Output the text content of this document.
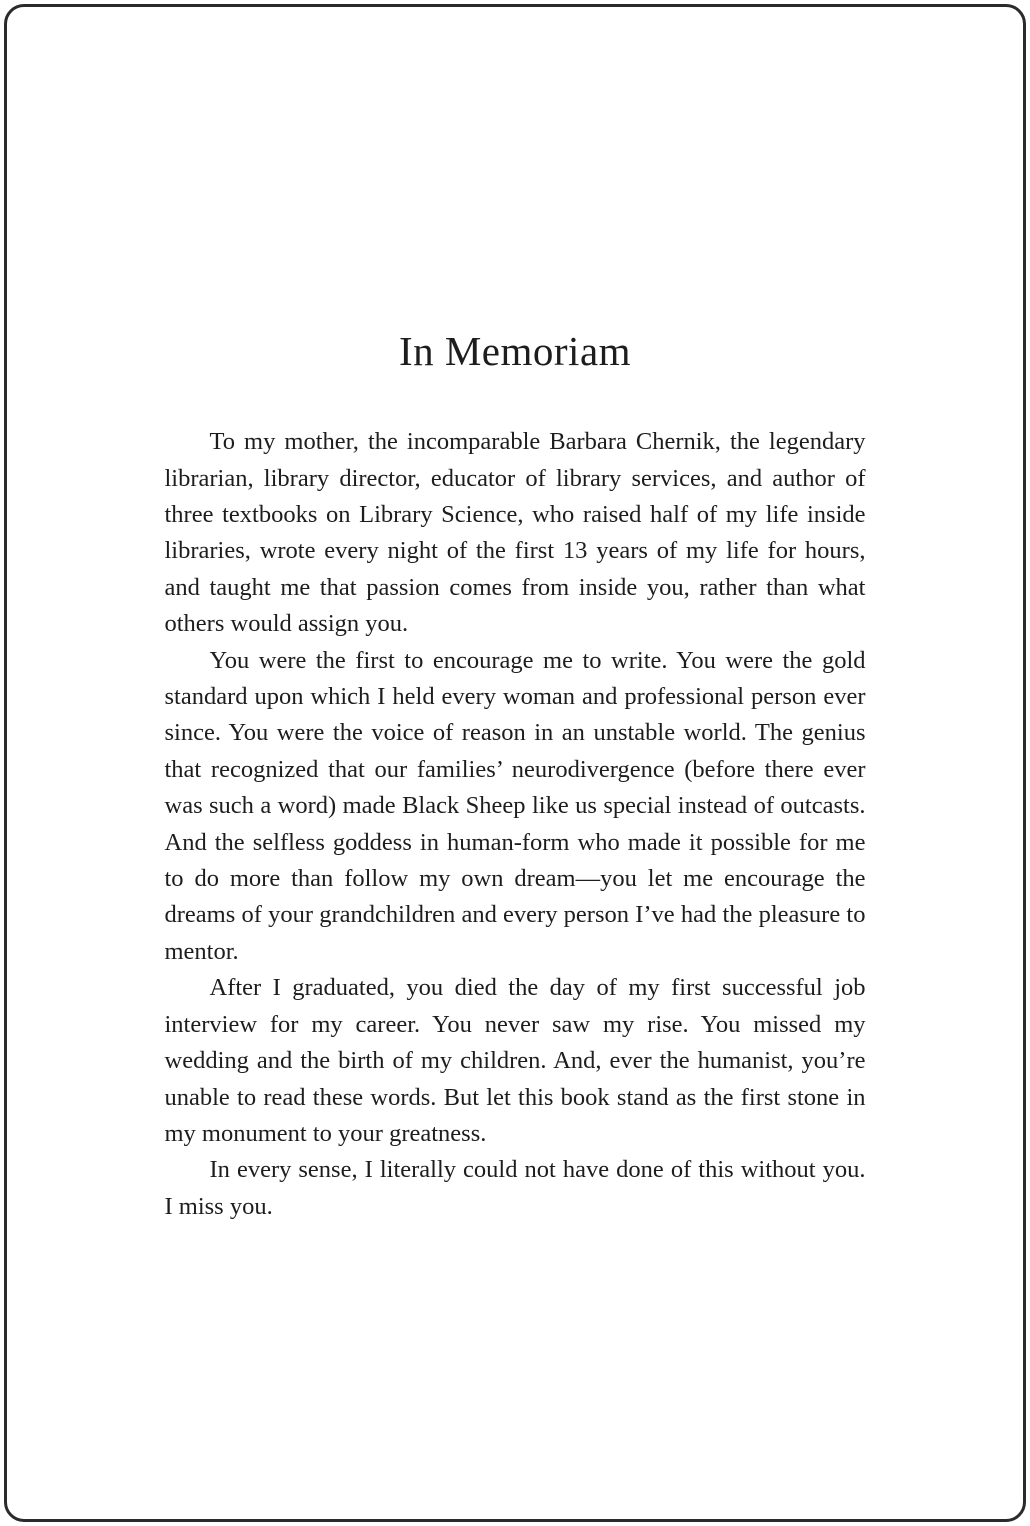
In Memoriam

To my mother, the incomparable Barbara Chernik, the legendary librarian, library director, educator of library services, and author of three textbooks on Library Science, who raised half of my life inside libraries, wrote every night of the first 13 years of my life for hours, and taught me that passion comes from inside you, rather than what others would assign you.

You were the first to encourage me to write. You were the gold standard upon which I held every woman and professional person ever since. You were the voice of reason in an unstable world. The genius that recognized that our families’ neurodivergence (before there ever was such a word) made Black Sheep like us special instead of outcasts. And the selfless goddess in human-form who made it possible for me to do more than follow my own dream—you let me encourage the dreams of your grandchildren and every person I’ve had the pleasure to mentor.

After I graduated, you died the day of my first successful job interview for my career. You never saw my rise. You missed my wedding and the birth of my children. And, ever the humanist, you’re unable to read these words. But let this book stand as the first stone in my monument to your greatness.

In every sense, I literally could not have done of this without you. I miss you.
